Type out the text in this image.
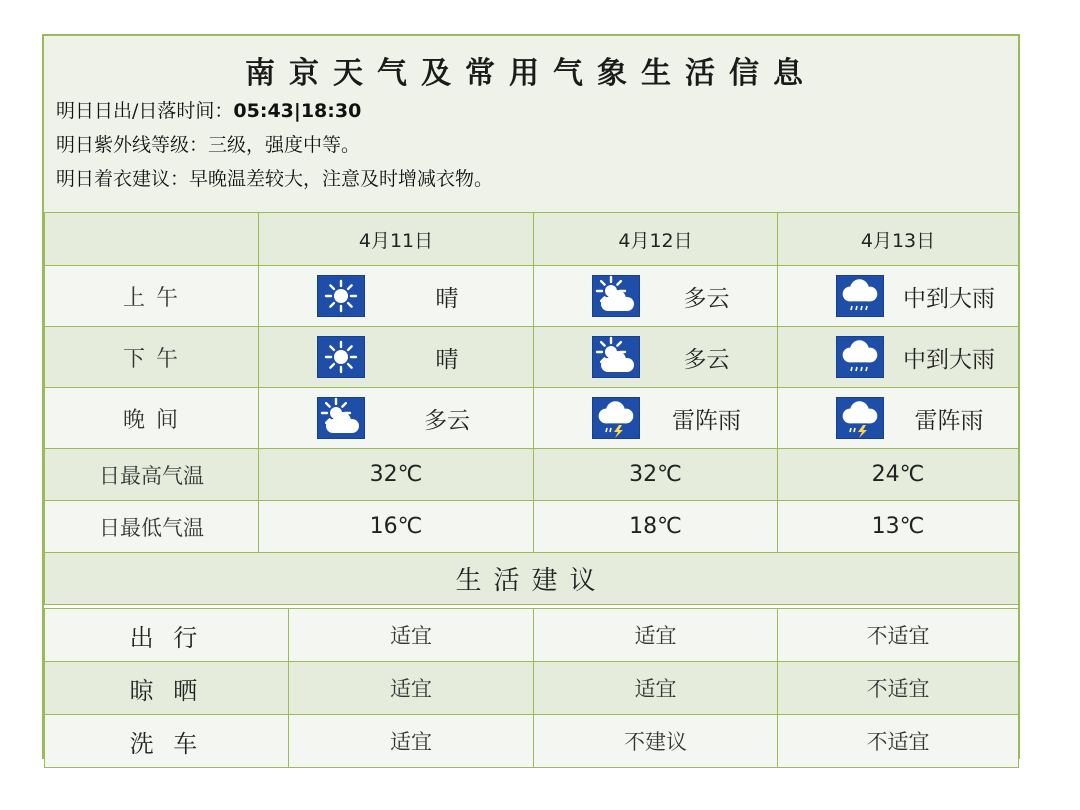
南京天气及常用气象生活信息
明日日出/日落时间：05:43|18:30
明日紫外线等级：三级，强度中等。
明日着衣建议：早晚温差较大，注意及时增减衣物。
	4月11日	4月12日	4月13日
上 午	晴	多云	中到大雨

下 午	晴	多云	中到大雨

晚 间	多云	雷阵雨	雷阵雨

日最高气温	32℃	32℃	24℃
日最低气温	16℃	18℃	13℃
生活建议			
出 行	适宜	适宜	不适宜
晾 晒	适宜	适宜	不适宜
洗 车	适宜	不建议	不适宜
